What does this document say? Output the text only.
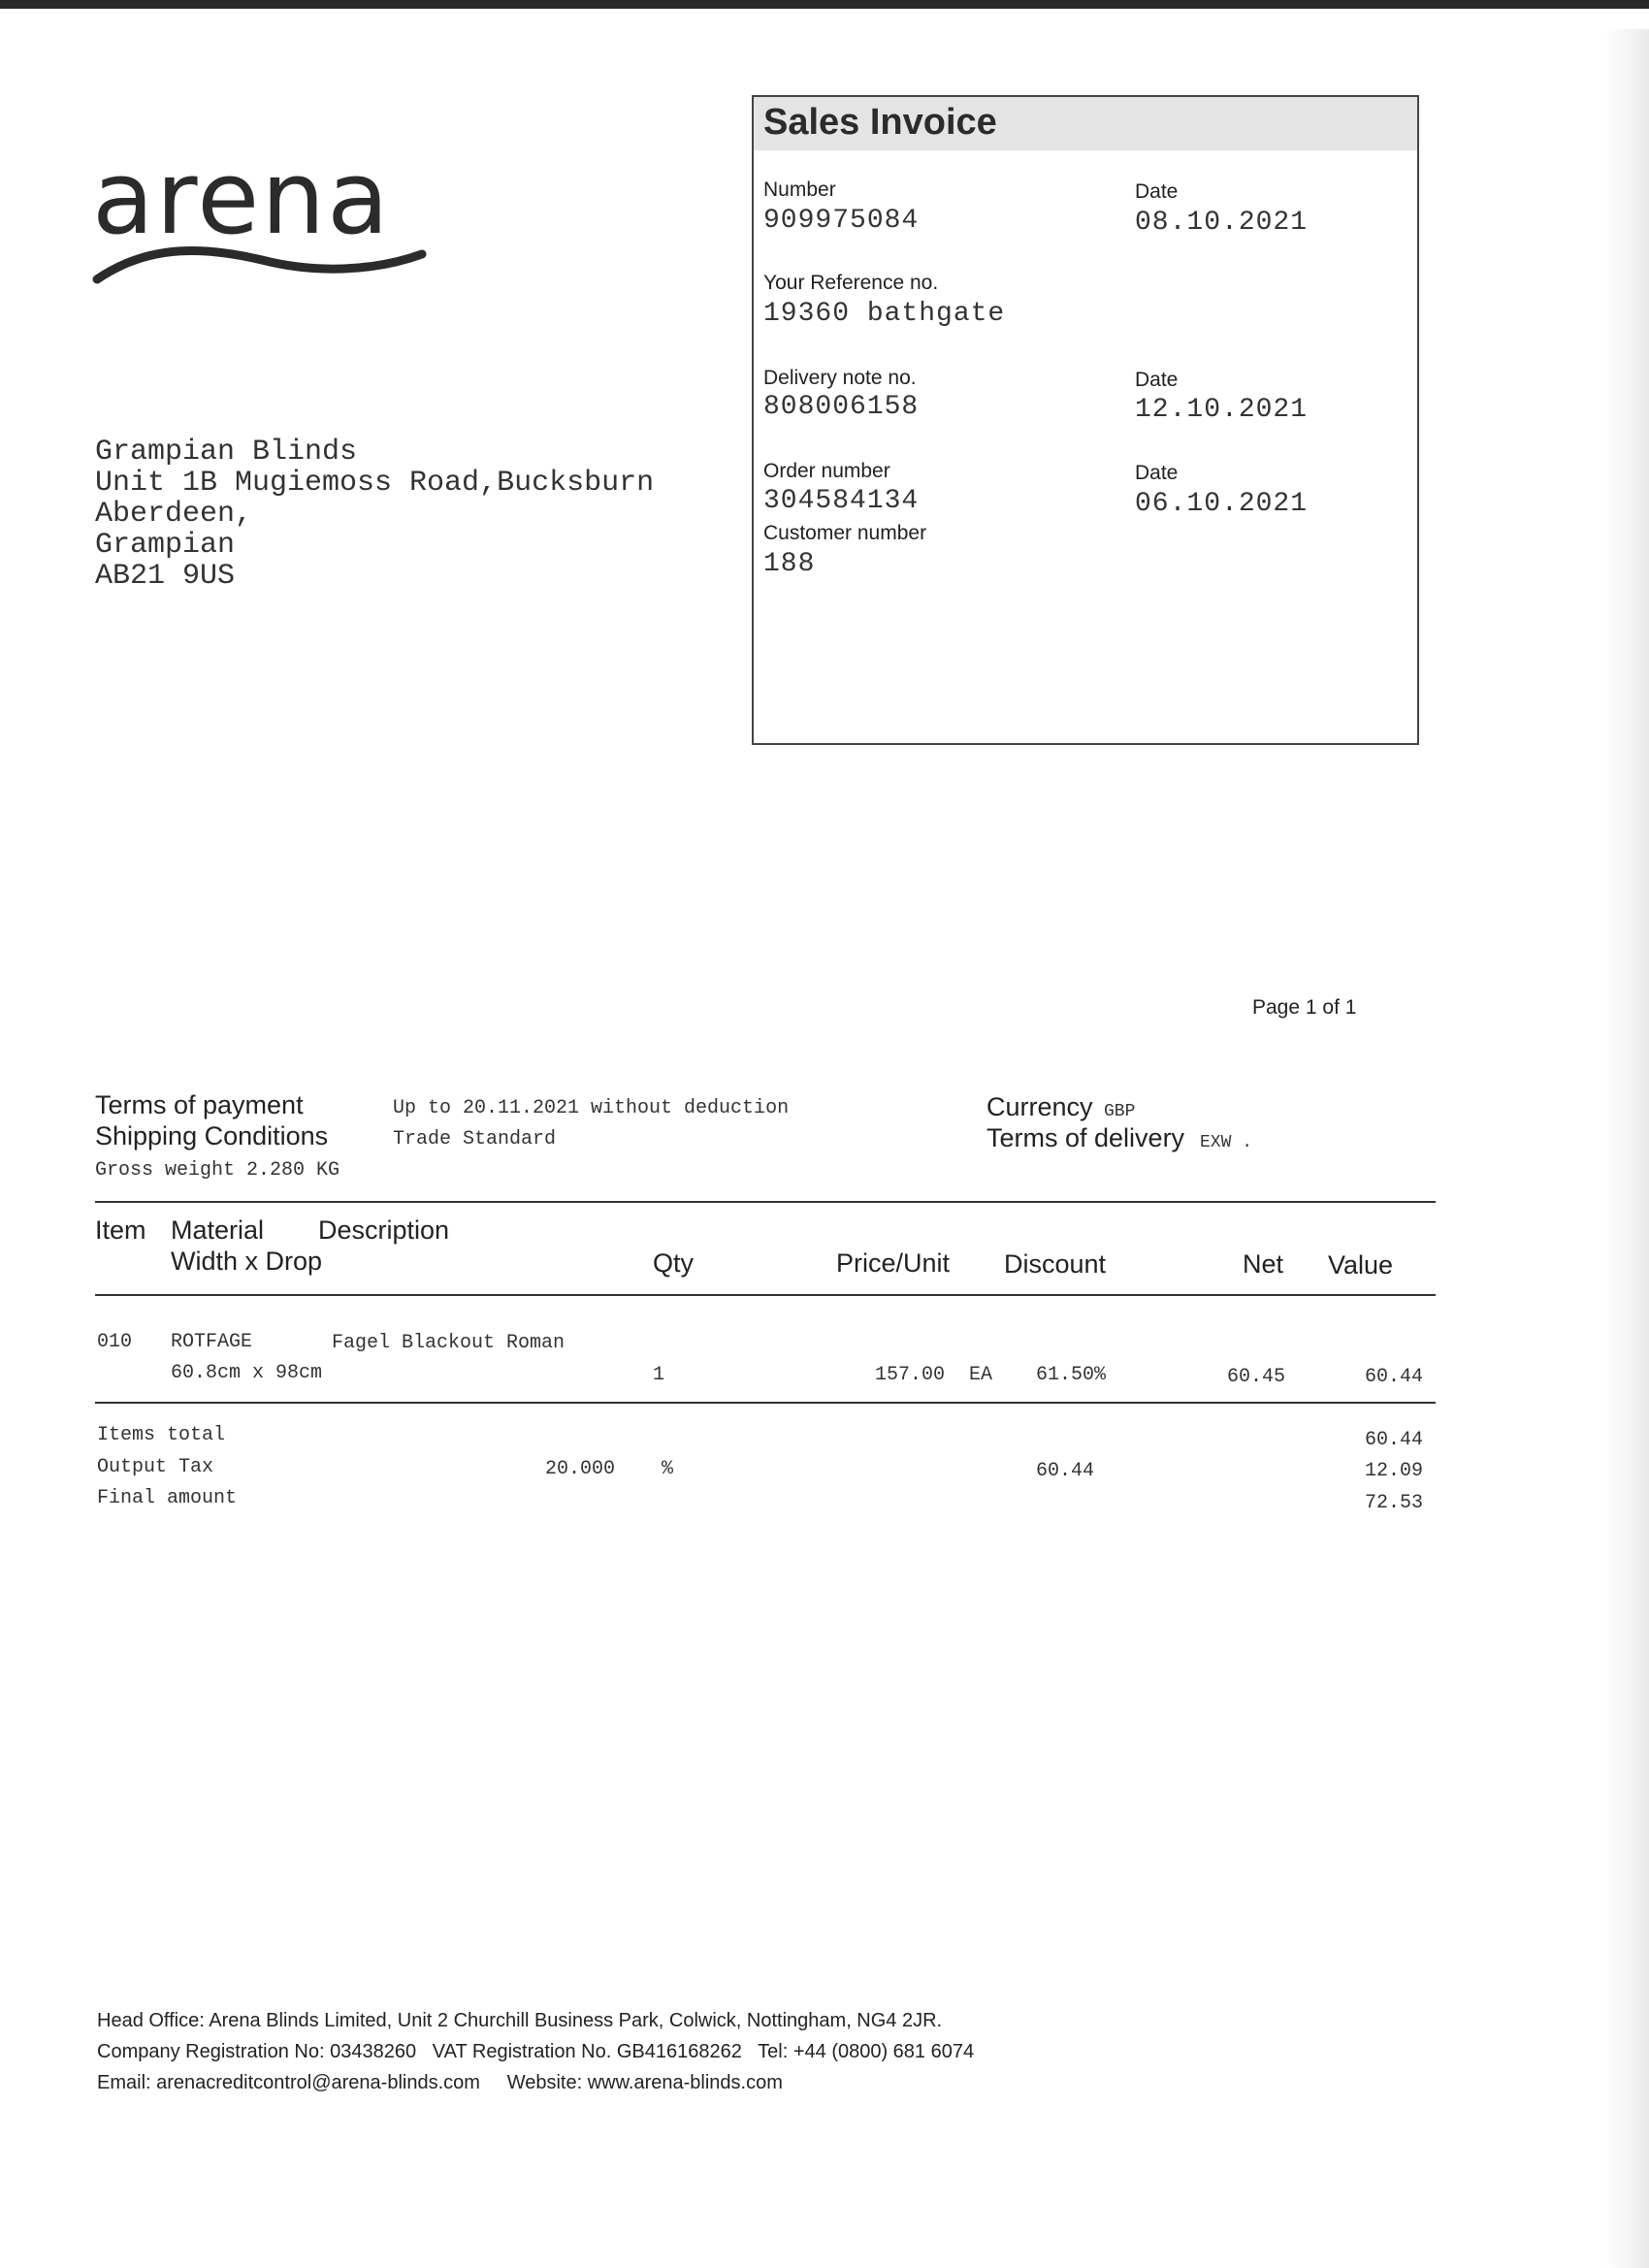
arena
Grampian Blinds
Unit 1B Mugiemoss Road,Bucksburn
Aberdeen,
Grampian
AB21 9US
Sales Invoice
Number
909975084
Date
08.10.2021
Your Reference no.
19360 bathgate
Delivery note no.
808006158
Date
12.10.2021
Order number
304584134
Date
06.10.2021
Customer number
188
Page 1 of 1
Terms of payment	Up to 20.11.2021 without deduction
Shipping Conditions	Trade Standard
Gross weight 2.280 KG
Currency GBP
Terms of delivery EXW .
Item Material Description
Width x Drop	Qty	Price/Unit Discount	Net Value
010 ROTFAGE	Fagel Blackout Roman
60.8cm x 98cm	1	157.00 EA 61.50%	60.45	60.44
Items total	60.44
Output Tax	20.000 %	60.44	12.09
Final amount	72.53
Head Office: Arena Blinds Limited, Unit 2 Churchill Business Park, Colwick, Nottingham, NG4 2JR.
Company Registration No: 03438260   VAT Registration No. GB416168262   Tel: +44 (0800) 681 6074
Email: arenacreditcontrol@arena-blinds.com     Website: www.arena-blinds.com
